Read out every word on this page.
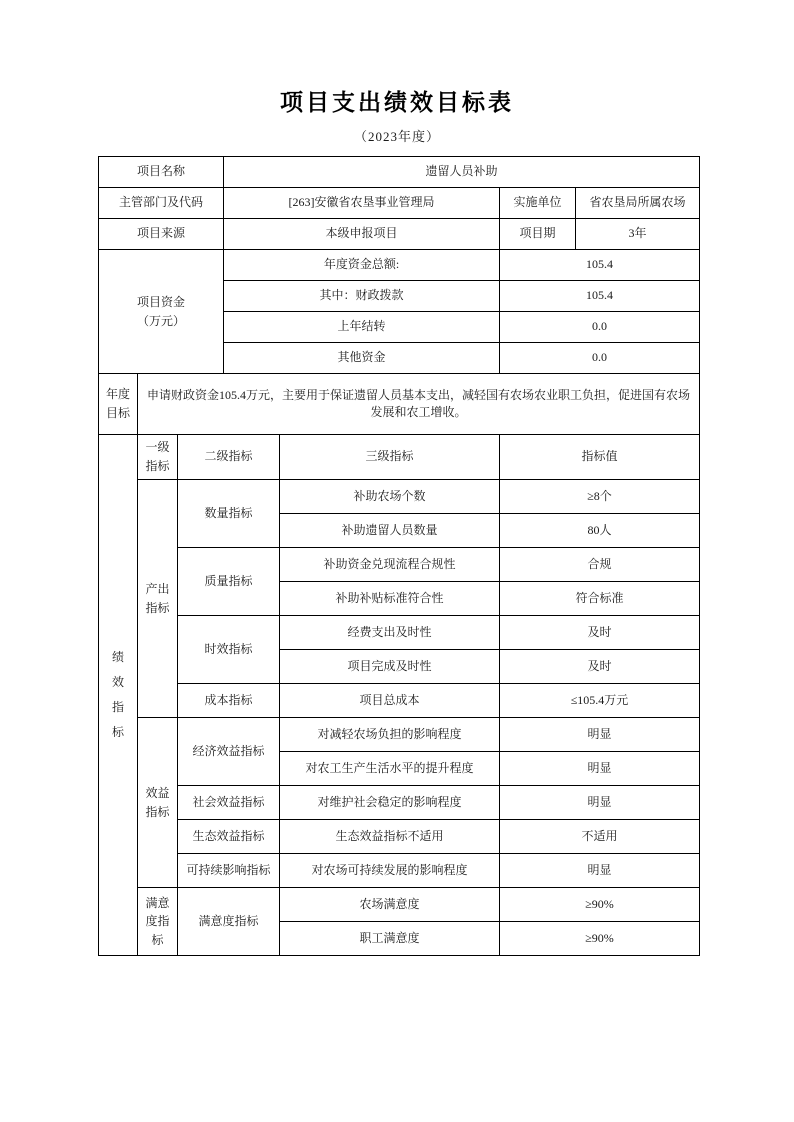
项目支出绩效目标表
（2023年度）
项目名称			遗留人员补助			
主管部门及代码			[263]安徽省农垦事业管理局		实施单位	省农垦局所属农场
项目来源			本级申报项目		项目期	3年
项目资金（万元）			年度资金总额:		105.4	
			其中：财政拨款		105.4	
			上年结转		0.0	
			其他资金		0.0	
年度目标	申请财政资金105.4万元，主要用于保证遗留人员基本支出，减轻国有农场农业职工负担，促进国有农场发展和农工增收。					
绩效指标	一级指标	二级指标		三级指标	指标值	
	产出指标	数量指标		补助农场个数	≥8个	
				补助遗留人员数量	80人	
		质量指标		补助资金兑现流程合规性	合规	
				补助补贴标准符合性	符合标准	
		时效指标		经费支出及时性	及时	
				项目完成及时性	及时	
		成本指标		项目总成本	≤105.4万元	
	效益指标	经济效益指标		对减轻农场负担的影响程度	明显	
				对农工生产生活水平的提升程度	明显	
		社会效益指标		对维护社会稳定的影响程度	明显	
		生态效益指标		生态效益指标不适用	不适用	
		可持续影响指标		对农场可持续发展的影响程度	明显	
	满意度指标	满意度指标		农场满意度	≥90%	
				职工满意度	≥90%	
